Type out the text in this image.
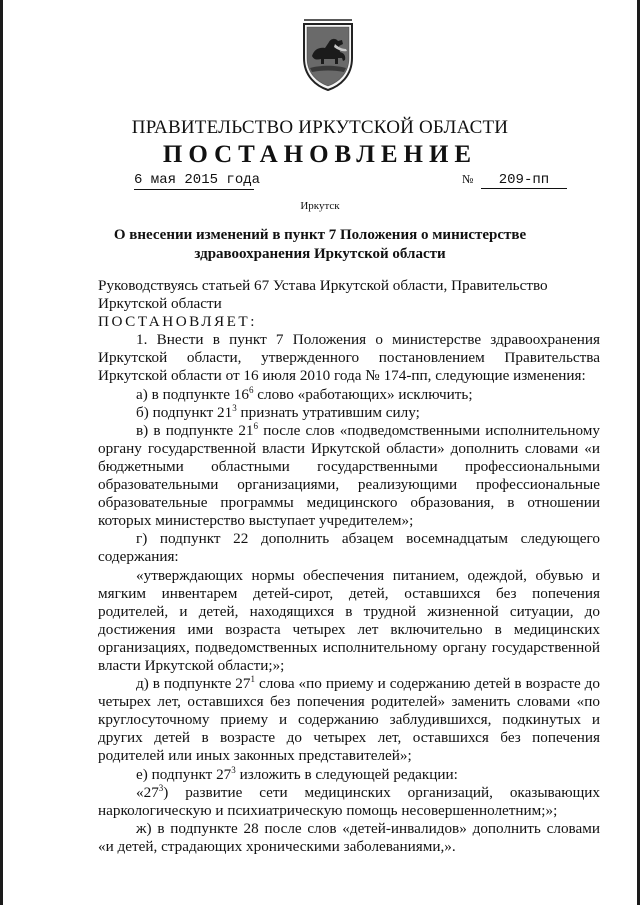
ПРАВИТЕЛЬСТВО ИРКУТСКОЙ ОБЛАСТИ
ПОСТАНОВЛЕНИЕ
6 мая 2015 года	№ 209-пп
Иркутск
О внесении изменений в пункт 7 Положения о министерстве
здравоохранения Иркутской области

Руководствуясь статьей 67 Устава Иркутской области, Правительство

Иркутской области

ПОСТАНОВЛЯЕТ:

1. Внести в пункт 7 Положения о министерстве здравоохранения Иркутской области, утвержденного постановлением Правительства Иркутской области от 16 июля 2010 года № 174-пп, следующие изменения:

а) в подпункте $16^6$ слово «работающих» исключить;

б) подпункт $21^3$ признать утратившим силу;

в) в подпункте $21^6$ после слов «подведомственными исполнительному органу государственной власти Иркутской области» дополнить словами «и бюджетными областными государственными профессиональными образовательными организациями, реализующими профессиональные образовательные программы медицинского образования, в отношении которых министерство выступает учредителем»;

г) подпункт 22 дополнить абзацем восемнадцатым следующего содержания:

«утверждающих нормы обеспечения питанием, одеждой, обувью и мягким инвентарем детей-сирот, детей, оставшихся без попечения родителей, и детей, находящихся в трудной жизненной ситуации, до достижения ими возраста четырех лет включительно в медицинских организациях, подведомственных исполнительному органу государственной власти Иркутской области;»;

д) в подпункте $27^1$ слова «по приему и содержанию детей в возрасте до четырех лет, оставшихся без попечения родителей» заменить словами «по круглосуточному приему и содержанию заблудившихся, подкинутых и других детей в возрасте до четырех лет, оставшихся без попечения родителей или иных законных представителей»;

е) подпункт $27^3$ изложить в следующей редакции:

«$27^3$) развитие сети медицинских организаций, оказывающих наркологическую и психиатрическую помощь несовершеннолетним;»;

ж) в подпункте 28 после слов «детей-инвалидов» дополнить словами «и детей, страдающих хроническими заболеваниями,».
